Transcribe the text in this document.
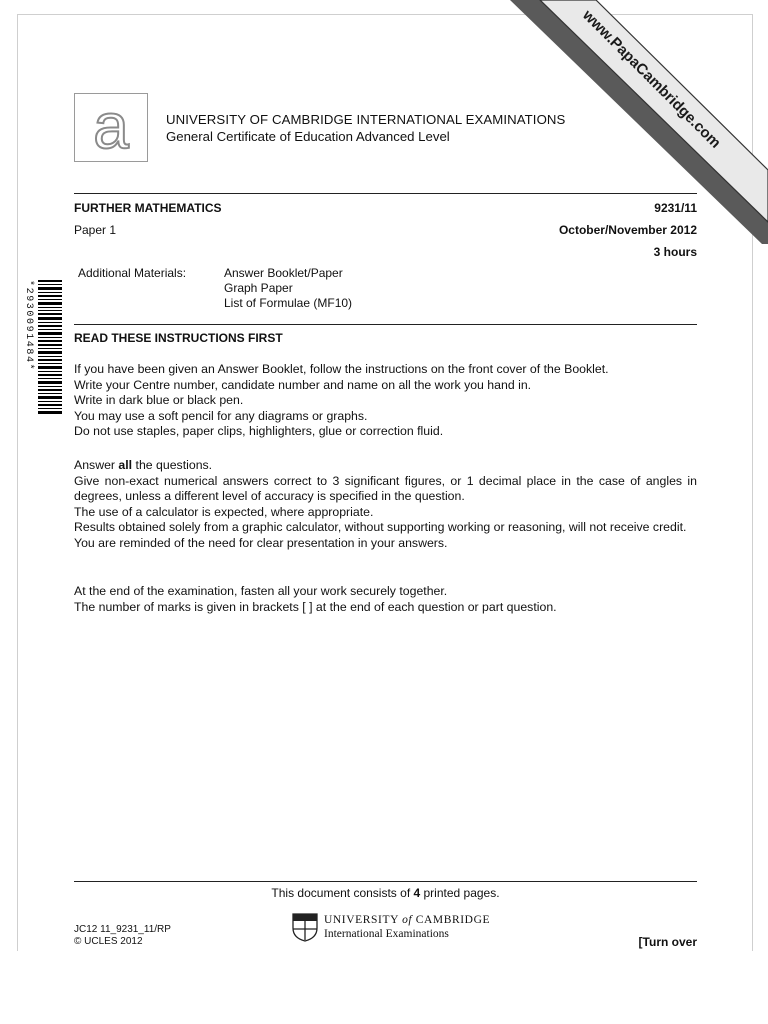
a	UNIVERSITY OF CAMBRIDGE INTERNATIONAL EXAMINATIONS
General Certificate of Education Advanced Level	www.PapaCambridge.com
FURTHER MATHEMATICS	9231/11
Paper 1	October/November 2012
3 hours
Additional Materials:	Answer Booklet/Paper
Graph Paper
List of Formulae (MF10)
*2930091484*	READ THESE INSTRUCTIONS FIRST

If you have been given an Answer Booklet, follow the instructions on the front cover of the Booklet.

Write your Centre number, candidate number and name on all the work you hand in.

Write in dark blue or black pen.

You may use a soft pencil for any diagrams or graphs.

Do not use staples, paper clips, highlighters, glue or correction fluid.

Answer all the questions.

Give non-exact numerical answers correct to 3 significant figures, or 1 decimal place in the case of angles in degrees, unless a different level of accuracy is specified in the question.

The use of a calculator is expected, where appropriate.

Results obtained solely from a graphic calculator, without supporting working or reasoning, will not receive credit.

You are reminded of the need for clear presentation in your answers.

At the end of the examination, fasten all your work securely together.

The number of marks is given in brackets [ ] at the end of each question or part question.

This document consists of 4 printed pages.
JC12 11_9231_11/RP
© UCLES 2012
UNIVERSITY of CAMBRIDGE
International Examinations
[Turn over
